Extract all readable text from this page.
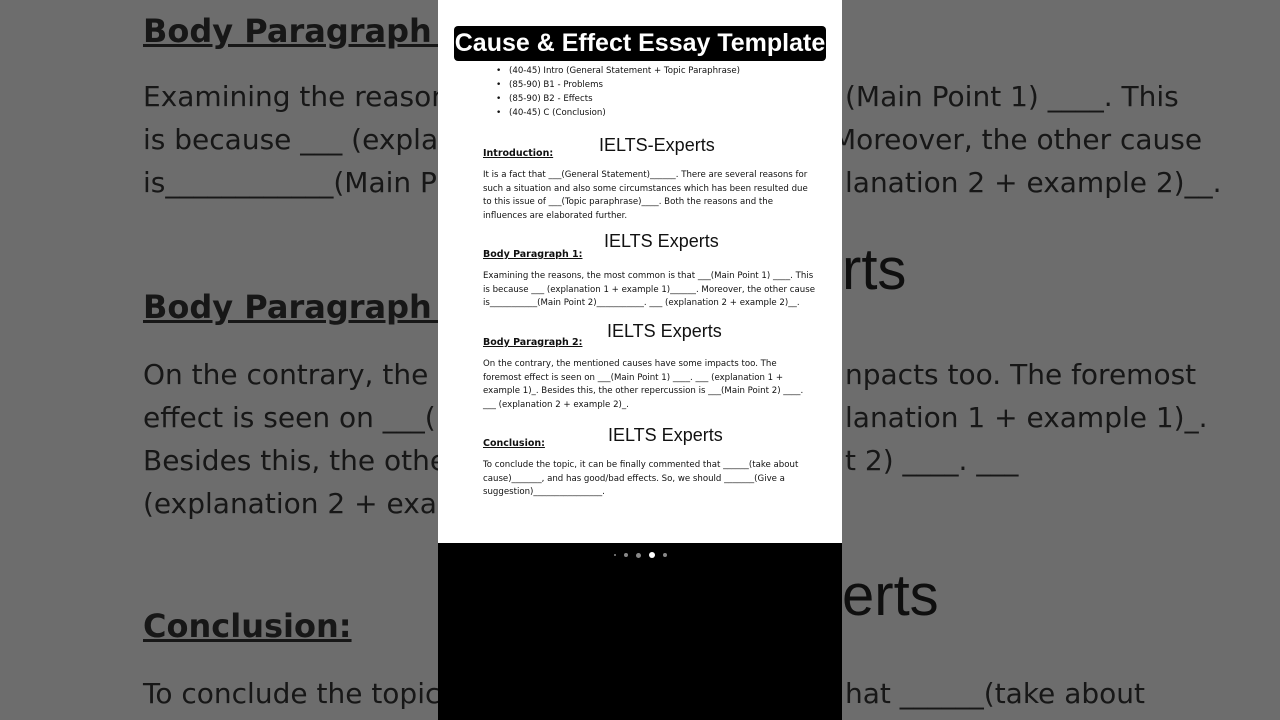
Cause & Effect Essay Template
• (40-45) Intro (General Statement + Topic Paraphrase)
• (85-90) B1 - Problems
• (85-90) B2 - Effects
• (40-45) C (Conclusion)
IELTS-Experts
Introduction:
It is a fact that ___(General Statement)______. There are several reasons for such a situation and also some circumstances which has been resulted due to this issue of ___(Topic paraphrase)____. Both the reasons and the influences are elaborated further.
IELTS Experts
Body Paragraph 1:
Examining the reasons, the most common is that ___(Main Point 1) ____. This is because ___ (explanation 1 + example 1)______. Moreover, the other cause is___________(Main Point 2)___________. ___ (explanation 2 + example 2)__.
IELTS Experts
Body Paragraph 2:
On the contrary, the mentioned causes have some impacts too. The foremost effect is seen on ___(Main Point 1) ____. ___ (explanation 1 + example 1)_. Besides this, the other repercussion is ___(Main Point 2) ____. ___ (explanation 2 + example 2)_.
IELTS Experts
Conclusion:
To conclude the topic, it can be finally commented that ______(take about cause)_______, and has good/bad effects. So, we should _______(Give a suggestion)________________.
